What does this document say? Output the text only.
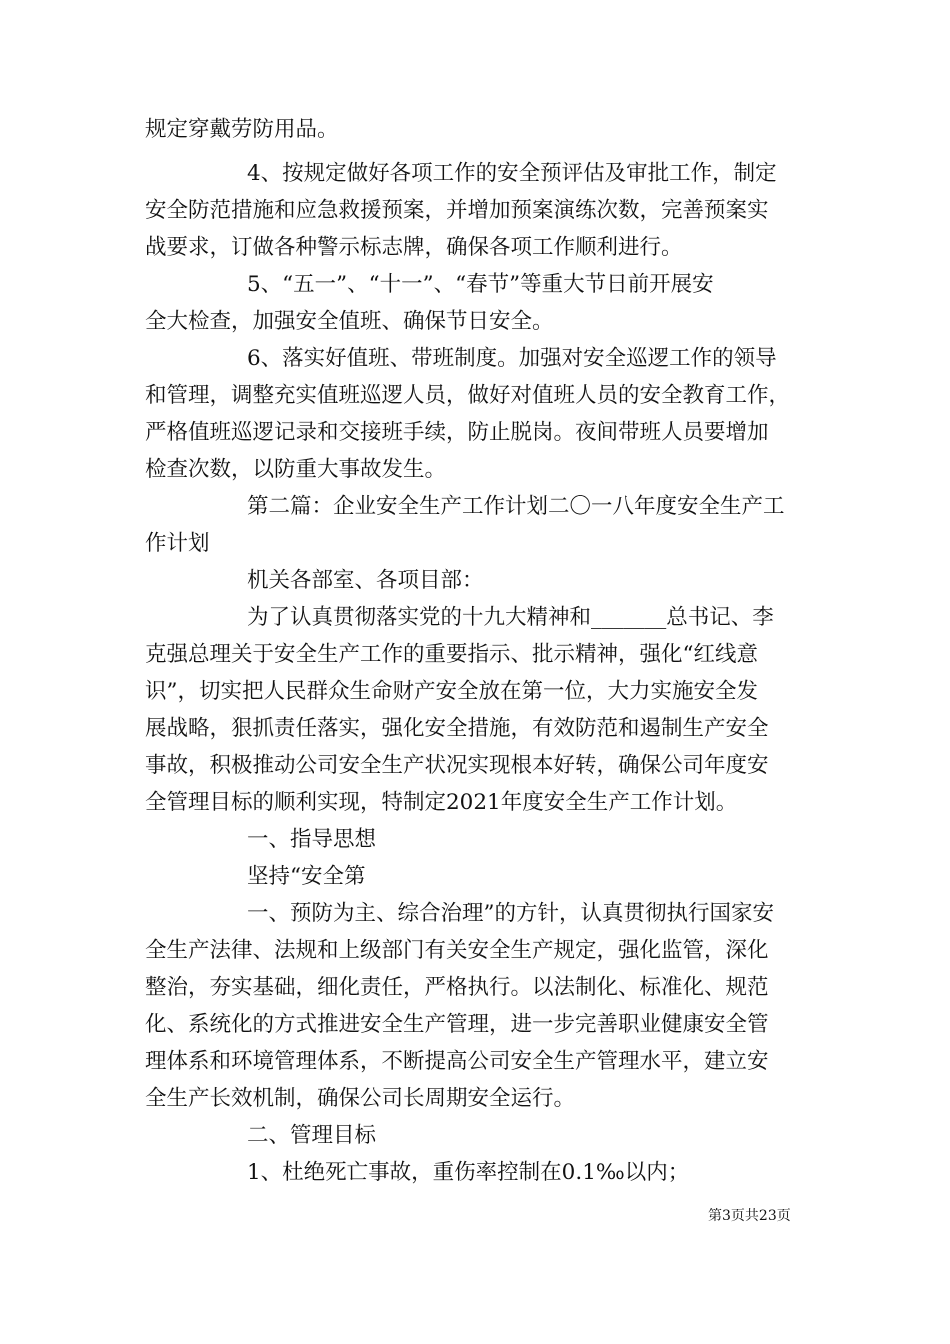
规定穿戴劳防用品。
4、按规定做好各项工作的安全预评估及审批工作，制定
安全防范措施和应急救援预案，并增加预案演练次数，完善预案实
战要求，订做各种警示标志牌，确保各项工作顺利进行。
5、“五一”、“十一”、“春节”等重大节日前开展安
全大检查，加强安全值班、确保节日安全。
6、落实好值班、带班制度。加强对安全巡逻工作的领导
和管理，调整充实值班巡逻人员，做好对值班人员的安全教育工作，
严格值班巡逻记录和交接班手续，防止脱岗。夜间带班人员要增加
检查次数，以防重大事故发生。
第二篇：企业安全生产工作计划二〇一八年度安全生产工
作计划
机关各部室、各项目部：
为了认真贯彻落实党的十九大精神和_______总书记、李
克强总理关于安全生产工作的重要指示、批示精神，强化“红线意
识”，切实把人民群众生命财产安全放在第一位，大力实施安全发
展战略，狠抓责任落实，强化安全措施，有效防范和遏制生产安全
事故，积极推动公司安全生产状况实现根本好转，确保公司年度安
全管理目标的顺利实现，特制定2021年度安全生产工作计划。
一、指导思想
坚持“安全第
一、预防为主、综合治理”的方针，认真贯彻执行国家安
全生产法律、法规和上级部门有关安全生产规定，强化监管，深化
整治，夯实基础，细化责任，严格执行。以法制化、标准化、规范
化、系统化的方式推进安全生产管理，进一步完善职业健康安全管
理体系和环境管理体系，不断提高公司安全生产管理水平，建立安
全生产长效机制，确保公司长周期安全运行。
二、管理目标
1、杜绝死亡事故，重伤率控制在0.1‰以内；
第3页共23页
